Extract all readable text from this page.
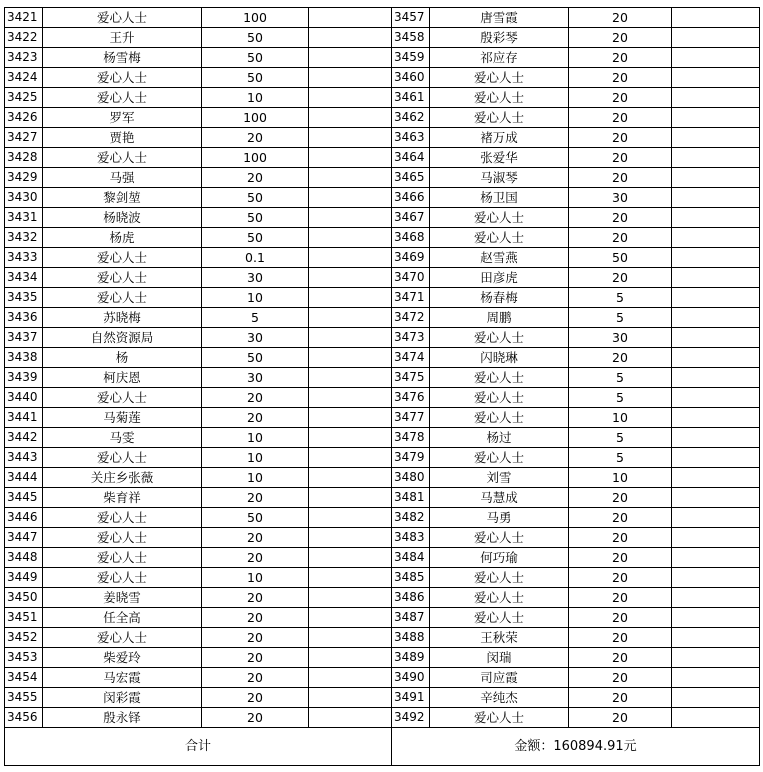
3421	爱心人士	100		3457	唐雪霞	20	
3422	王升	50		3458	殷彩琴	20	
3423	杨雪梅	50		3459	祁应存	20	
3424	爱心人士	50		3460	爱心人士	20	
3425	爱心人士	10		3461	爱心人士	20	
3426	罗军	100		3462	爱心人士	20	
3427	贾艳	20		3463	褚万成	20	
3428	爱心人士	100		3464	张爱华	20	
3429	马强	20		3465	马淑琴	20	
3430	黎剑堃	50		3466	杨卫国	30	
3431	杨晓波	50		3467	爱心人士	20	
3432	杨虎	50		3468	爱心人士	20	
3433	爱心人士	0.1		3469	赵雪燕	50	
3434	爱心人士	30		3470	田彦虎	20	
3435	爱心人士	10		3471	杨春梅	5	
3436	苏晓梅	5		3472	周鹏	5	
3437	自然资源局	30		3473	爱心人士	30	
3438	杨	50		3474	闪晓琳	20	
3439	柯庆恩	30		3475	爱心人士	5	
3440	爱心人士	20		3476	爱心人士	5	
3441	马菊莲	20		3477	爱心人士	10	
3442	马雯	10		3478	杨过	5	
3443	爱心人士	10		3479	爱心人士	5	
3444	关庄乡张薇	10		3480	刘雪	10	
3445	柴育祥	20		3481	马慧成	20	
3446	爱心人士	50		3482	马勇	20	
3447	爱心人士	20		3483	爱心人士	20	
3448	爱心人士	20		3484	何巧瑜	20	
3449	爱心人士	10		3485	爱心人士	20	
3450	姜晓雪	20		3486	爱心人士	20	
3451	任全高	20		3487	爱心人士	20	
3452	爱心人士	20		3488	王秋荣	20	
3453	柴爱玲	20		3489	闵瑞	20	
3454	马宏霞	20		3490	司应霞	20	
3455	闵彩霞	20		3491	辛纯杰	20	
3456	殷永铎	20		3492	爱心人士	20	
合计				金额：160894.91元			
